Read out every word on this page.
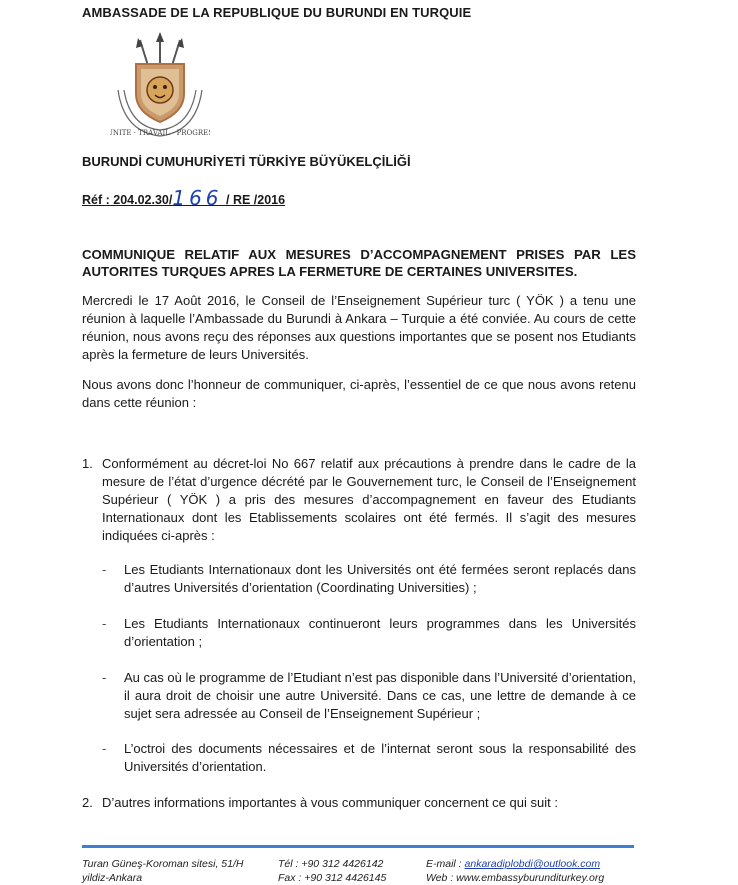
AMBASSADE DE LA REPUBLIQUE DU BURUNDI EN TURQUIE
UNITE · TRAVAIL · PROGRES
BURUNDİ CUMUHURİYETİ TÜRKİYE BÜYÜKELÇİLİĞİ
Réf : 204.02.30/166 / RE /2016
COMMUNIQUE RELATIF AUX MESURES D’ACCOMPAGNEMENT PRISES PAR LES AUTORITES TURQUES APRES LA FERMETURE DE CERTAINES UNIVERSITES.
Mercredi le 17 Août 2016, le Conseil de l’Enseignement Supérieur turc ( YÖK ) a tenu une réunion à laquelle l’Ambassade du Burundi à Ankara – Turquie a été conviée. Au cours de cette réunion, nous avons reçu des réponses aux questions importantes que se posent nos Etudiants après la fermeture de leurs Universités.
Nous avons donc l’honneur de communiquer, ci-après, l’essentiel de ce que nous avons retenu dans cette réunion :
1. Conformément au décret-loi No 667 relatif aux précautions à prendre dans le cadre de la mesure de l’état d’urgence décrété par le Gouvernement turc, le Conseil de l’Enseignement Supérieur ( YÖK ) a pris des mesures d’accompagnement en faveur des Etudiants Internationaux dont les Etablissements scolaires ont été fermés. Il s’agit des mesures indiquées ci-après :
- Les Etudiants Internationaux dont les Universités ont été fermées seront replacés dans d’autres Universités d’orientation (Coordinating Universities) ;
- Les Etudiants Internationaux continueront leurs programmes dans les Universités d’orientation ;
- Au cas où le programme de l’Etudiant n’est pas disponible dans l’Université d’orientation, il aura droit de choisir une autre Université. Dans ce cas, une lettre de demande à ce sujet sera adressée au Conseil de l’Enseignement Supérieur ;
- L’octroi des documents nécessaires et de l’internat seront sous la responsabilité des Universités d’orientation.
2. D’autres informations importantes à vous communiquer concernent ce qui suit :
Turan Güneş-Koroman sitesi, 51/H
yildiz-Ankara
Tél : +90 312 4426142
Fax : +90 312 4426145
E-mail : ankaradiplobdi@outlook.com
Web : www.embassyburunditurkey.org
